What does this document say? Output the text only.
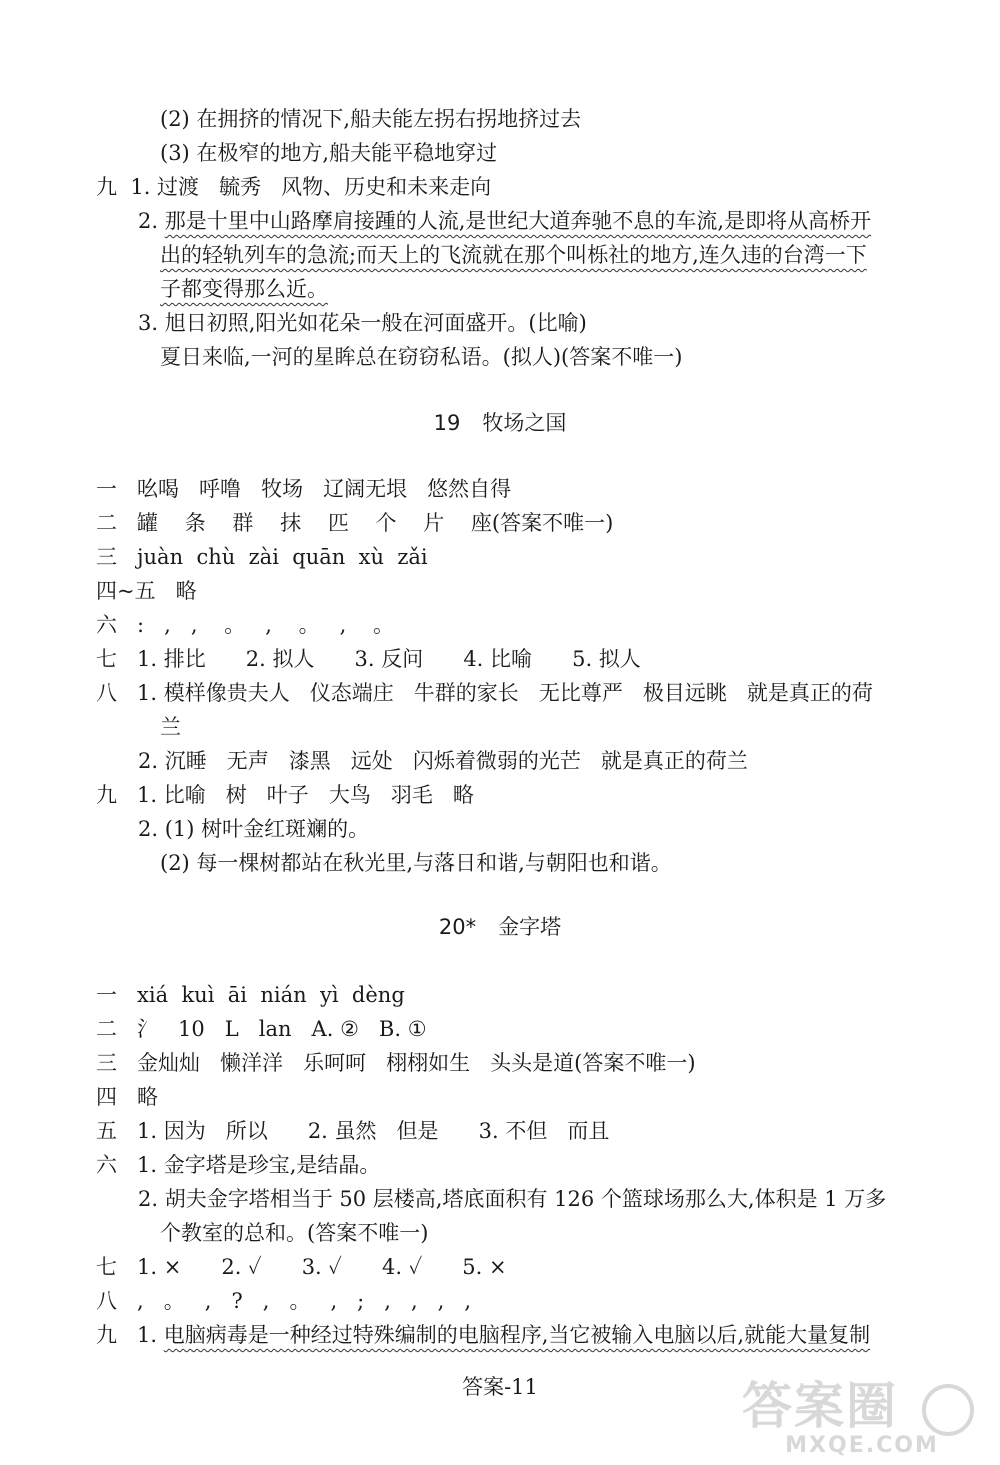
(2) 在拥挤的情况下,船夫能左拐右拐地挤过去
(3) 在极窄的地方,船夫能平稳地穿过
九  1. 过渡   毓秀   风物、历史和未来走向
2. 那是十里中山路摩肩接踵的人流,是世纪大道奔驰不息的车流,是即将从高桥开
出的轻轨列车的急流;而天上的飞流就在那个叫栎社的地方,连久违的台湾一下
子都变得那么近。
3. 旭日初照,阳光如花朵一般在河面盛开。(比喻)
夏日来临,一河的星眸总在窃窃私语。(拟人)(答案不唯一)
一   吆喝   呼噜   牧场   辽阔无垠   悠然自得
二   罐    条    群    抹    匹    个    片    座(答案不唯一)
三   juàn  chù  zài  quān  xù  zǎi
四~五   略
六   :   ,   ,    。   ,    。   ,    。
七   1. 排比      2. 拟人      3. 反问      4. 比喻      5. 拟人
八   1. 模样像贵夫人   仪态端庄   牛群的家长   无比尊严   极目远眺   就是真正的荷
兰
2. 沉睡   无声   漆黑   远处   闪烁着微弱的光芒   就是真正的荷兰
九   1. 比喻   树   叶子   大鸟   羽毛   略
2. (1) 树叶金红斑斓的。
(2) 每一棵树都站在秋光里,与落日和谐,与朝阳也和谐。
一   xiá  kuì  āi  nián  yì  dèng
二   氵   10   L   lan   A. ②   B. ①
三   金灿灿   懒洋洋   乐呵呵   栩栩如生   头头是道(答案不唯一)
四   略
五   1. 因为   所以      2. 虽然   但是      3. 不但   而且
六   1. 金字塔是珍宝,是结晶。
2. 胡夫金字塔相当于 50 层楼高,塔底面积有 126 个篮球场那么大,体积是 1 万多
个教室的总和。(答案不唯一)
七   1. ×      2. ✓      3. ✓      4. ✓      5. ×
八   ,   。   ,   ?   ,   。   ,   ;   ,   ,   ,   ,
九   1. 电脑病毒是一种经过特殊编制的电脑程序,当它被输入电脑以后,就能大量复制
19 牧场之国
20* 金字塔
答案-11	答案圈
MXQE.COM
